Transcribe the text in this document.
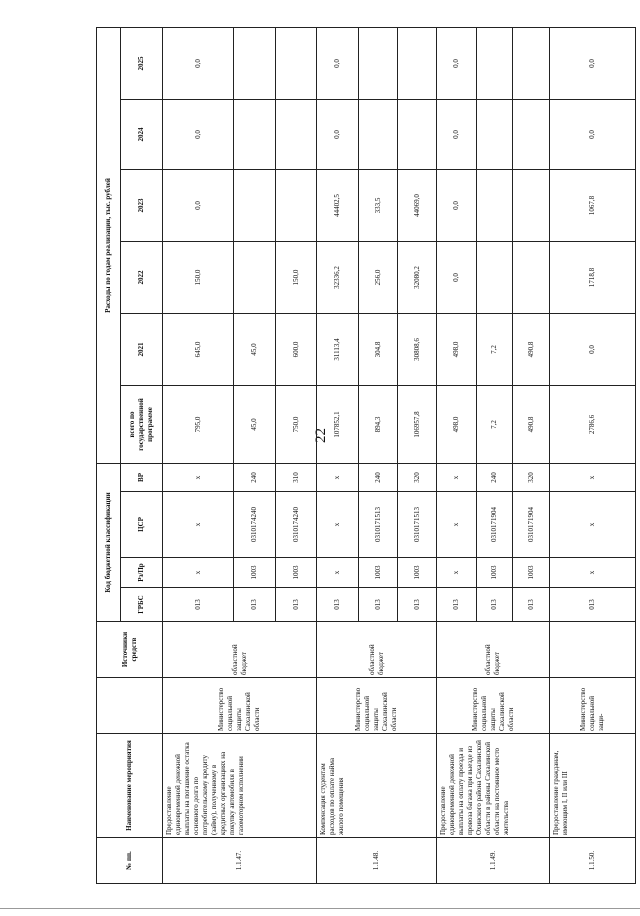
22
№ пп.	Наименование мероприятия		Источники средств	Код бюджетной классификации				Расходы по годам реализации, тыс. рублей					
				ГРБС	Рз/Пр	ЦСР	ВР	всего по государственной программе	2021	2022	2023	2024	2025
1.1.47.	Предоставление единовременной денежной выплаты на погашение остатка основного долга по потребительскому кредиту (займу), полученному в кредитных организациях на покупку автомобиля в газомоторном исполнении	Министерство социальной защиты Сахалинской области	областной бюджет	013	х	х	х	795,0	645,0	150,0	0,0	0,0	0,0
				013	1003	0310174240	240	45,0	45,0				
				013	1003	0310174240	310	750,0	600,0	150,0			
1.1.48.	Компенсация студентам расходов по оплате найма жилого помещения	Министерство социальной защиты Сахалинской области	областной бюджет	013	х	х	х	107852,1	31113,4	32336,2	44402,5	0,0	0,0
				013	1003	0310171513	240	894,3	304,8	256,0	333,5		
				013	1003	0310171513	320	106957,8	30808,6	32080,2	44069,0		
1.1.49.	Предоставление единовременной денежной выплаты на оплату проезда и провоза багажа при выезде из Охинского района Сахалинской области в районы Сахалинской области на постоянное место жительства	Министерство социальной защиты Сахалинской области	областной бюджет	013	х	х	х	498,0	498,0	0,0	0,0	0,0	0,0
				013	1003	0310171904	240	7,2	7,2				
				013	1003	0310171904	320	490,8	490,8				
1.1.50.	Предоставление гражданам, имеющим I, II или III	Министерство социальной защи-		013	х	х	х	2786,6	0,0	1718,8	1067,8	0,0	0,0
